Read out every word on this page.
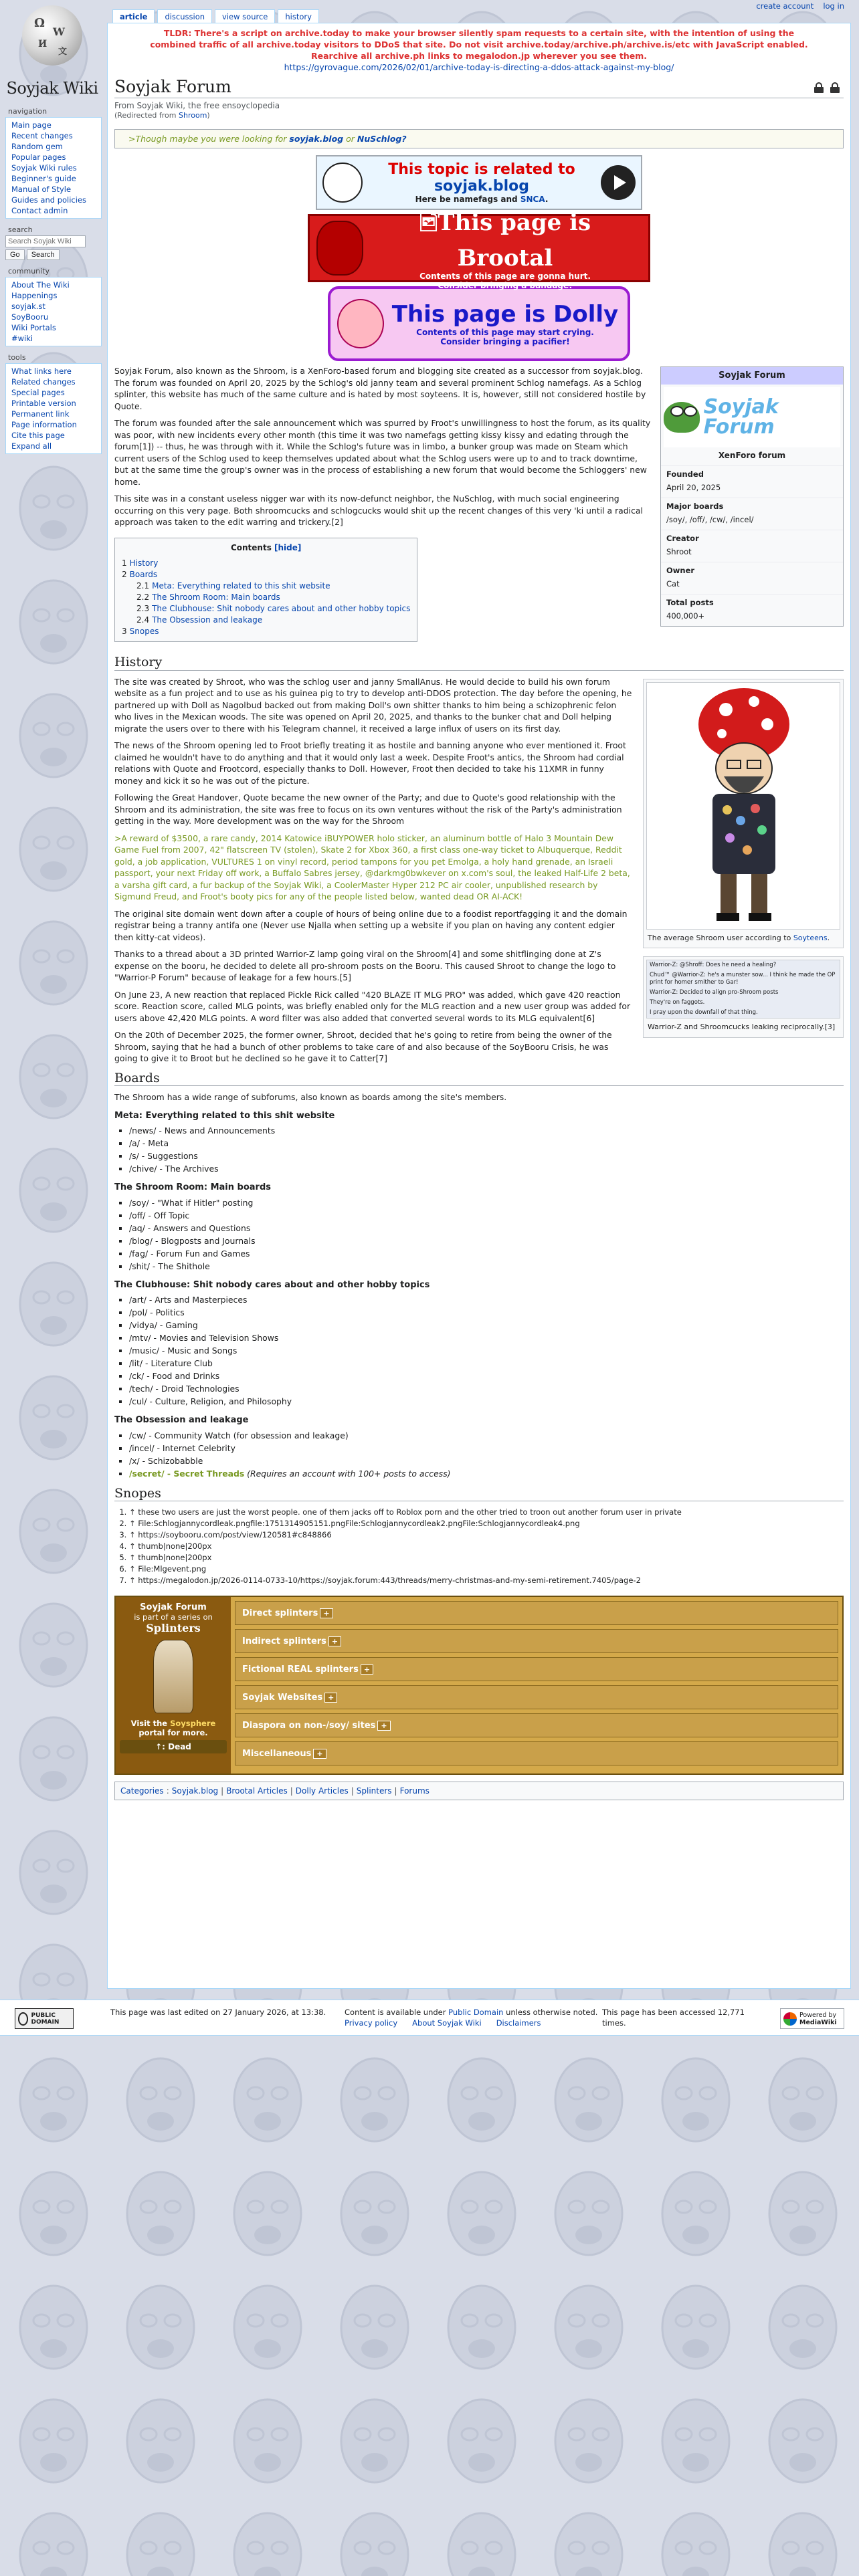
Ω
W
И
文
Soyjak Wiki
create account log in
article	discussion	view source	history
navigation
Main page
Recent changes
Random gem
Popular pages
Soyjak Wiki rules
Beginner's guide
Manual of Style
Guides and policies
Contact admin
search
Search Soyjak Wiki
Go	Search
community
About The Wiki
Happenings
soyjak.st
SoyBooru
Wiki Portals
#wiki
tools
What links here
Related changes
Special pages
Printable version
Permanent link
Page information
Cite this page
Expand all
TLDR: There's a script on archive.today to make your browser silently spam requests to a certain site, with the intention of using the combined traffic of all archive.today visitors to DDoS that site. Do not visit archive.today/archive.ph/archive.is/etc with JavaScript enabled. Rearchive all archive.ph links to megalodon.jp wherever you see them.
https://gyrovague.com/2026/02/01/archive-today-is-directing-a-ddos-attack-against-my-blog/
Soyjak Forum
From Soyjak Wiki, the free ensoyclopedia
(Redirected from Shroom)
>Though maybe you were looking for soyjak.blog or NuSchlog?
This topic is related to soyjak.blog
Here be namefags and SNCA.
🖻This page is Brootal
Contents of this page are gonna hurt.
Consider bringing a bandage!
This page is Dolly
Contents of this page may start crying.
Consider bringing a pacifier!
Soyjak Forum
Soyjak Forum
XenForo forum
Founded
April 20, 2025
Major boards
/soy/, /off/, /cw/, /incel/
Creator
Shroot
Owner
Cat
Total posts
400,000+

Soyjak Forum, also known as the Shroom, is a XenForo-based forum and blogging site created as a successor from soyjak.blog. The forum was founded on April 20, 2025 by the Schlog's old janny team and several prominent Schlog namefags. As a Schlog splinter, this website has much of the same culture and is hated by most soyteens. It is, however, still not considered hostile by Quote.

The forum was founded after the sale announcement which was spurred by Froot's unwillingness to host the forum, as its quality was poor, with new incidents every other month (this time it was two namefags getting kissy kissy and edating through the forum[1]) -- thus, he was through with it. While the Schlog's future was in limbo, a bunker group was made on Steam which current users of the Schlog used to keep themselves updated about what the Schlog users were up to and to track downtime, but at the same time the group's owner was in the process of establishing a new forum that would become the Schloggers' new home.

This site was in a constant useless nigger war with its now-defunct neighbor, the NuSchlog, with much social engineering occurring on this very page. Both shroomcucks and schlogcucks would shit up the recent changes of this very 'ki until a radical approach was taken to the edit warring and trickery.[2]

Contents [hide]
1 History
2 Boards
2.1 Meta: Everything related to this shit website
2.2 The Shroom Room: Main boards
2.3 The Clubhouse: Shit nobody cares about and other hobby topics
2.4 The Obsession and leakage
3 Snopes
History
The average Shroom user according to Soyteens.
Warrior-Z: @Shroff: Does he need a healing?
Chud™ @Warrior-Z: he's a munster sow... I think he made the OP print for homer smither to Gar!
Warrior-Z: Decided to align pro-Shroom posts
They're on faggots.
I pray upon the downfall of that thing.
Warrior-Z and Shroomcucks leaking reciprocally.[3]

The site was created by Shroot, who was the schlog user and janny SmallAnus. He would decide to build his own forum website as a fun project and to use as his guinea pig to try to develop anti-DDOS protection. The day before the opening, he partnered up with Doll as Nagolbud backed out from making Doll's own shitter thanks to him being a schizophrenic felon who lives in the Mexican woods. The site was opened on April 20, 2025, and thanks to the bunker chat and Doll helping migrate the users over to there with his Telegram channel, it received a large influx of users on its first day.

The news of the Shroom opening led to Froot briefly treating it as hostile and banning anyone who ever mentioned it. Froot claimed he wouldn't have to do anything and that it would only last a week. Despite Froot's antics, the Shroom had cordial relations with Quote and Frootcord, especially thanks to Doll. However, Froot then decided to take his 11XMR in funny money and kick it so he was out of the picture.

Following the Great Handover, Quote became the new owner of the Party; and due to Quote's good relationship with the Shroom and its administration, the site was free to focus on its own ventures without the risk of the Party's administration getting in the way. More development was on the way for the Shroom

>A reward of $3500, a rare candy, 2014 Katowice iBUYPOWER holo sticker, an aluminum bottle of Halo 3 Mountain Dew Game Fuel from 2007, 42" flatscreen TV (stolen), Skate 2 for Xbox 360, a first class one-way ticket to Albuquerque, Reddit gold, a job application, VULTURES 1 on vinyl record, period tampons for you pet Emolga, a holy hand grenade, an Israeli passport, your next Friday off work, a Buffalo Sabres jersey, @darkmg0bwkever on x.com's soul, the leaked Half-Life 2 beta, a varsha gift card, a fur backup of the Soyjak Wiki, a CoolerMaster Hyper 212 PC air cooler, unpublished research by Sigmund Freud, and Froot's booty pics for any of the people listed below, wanted dead OR AI-ACK!

The original site domain went down after a couple of hours of being online due to a foodist reportfagging it and the domain registrar being a tranny antifa one (Never use Njalla when setting up a website if you plan on having any content edgier then kitty-cat videos).

Thanks to a thread about a 3D printed Warrior-Z lamp going viral on the Shroom[4] and some shitflinging done at Z's expense on the booru, he decided to delete all pro-shroom posts on the Booru. This caused Shroot to change the logo to "Warrior-P Forum" because of leakage for a few hours.[5]

On June 23, A new reaction that replaced Pickle Rick called "420 BLAZE IT MLG PRO" was added, which gave 420 reaction score. Reaction score, called MLG points, was briefly enabled only for the MLG reaction and a new user group was added for users above 42,420 MLG points. A word filter was also added that converted several words to its MLG equivalent[6]

On the 20th of December 2025, the former owner, Shroot, decided that he's going to retire from being the owner of the Shroom, saying that he had a bunch of other problems to take care of and also because of the SoyBooru Crisis, he was going to give it to Broot but he declined so he gave it to Catter[7]

Boards

The Shroom has a wide range of subforums, also known as boards among the site's members.

Meta: Everything related to this shit website
▪ /news/ - News and Announcements
▪ /a/ - Meta
▪ /s/ - Suggestions
▪ /chive/ - The Archives
The Shroom Room: Main boards
▪ /soy/ - "What if Hitler" posting
▪ /off/ - Off Topic
▪ /aq/ - Answers and Questions
▪ /blog/ - Blogposts and Journals
▪ /fag/ - Forum Fun and Games
▪ /shit/ - The Shithole
The Clubhouse: Shit nobody cares about and other hobby topics
▪ /art/ - Arts and Masterpieces
▪ /pol/ - Politics
▪ /vidya/ - Gaming
▪ /mtv/ - Movies and Television Shows
▪ /music/ - Music and Songs
▪ /lit/ - Literature Club
▪ /ck/ - Food and Drinks
▪ /tech/ - Droid Technologies
▪ /cul/ - Culture, Religion, and Philosophy
The Obsession and leakage
▪ /cw/ - Community Watch (for obsession and leakage)
▪ /incel/ - Internet Celebrity
▪ /x/ - Schizobabble
▪ /secret/ - Secret Threads (Requires an account with 100+ posts to access)
Snopes
1. ↑ these two users are just the worst people. one of them jacks off to Roblox porn and the other tried to troon out another forum user in private
2. ↑ File:Schlogjannycordleak.pngfile:1751314905151.pngFile:Schlogjannycordleak2.pngFile:Schlogjannycordleak4.png
3. ↑ https://soybooru.com/post/view/120581#c848866
4. ↑ thumb|none|200px
5. ↑ thumb|none|200px
6. ↑ File:Mlgevent.png
7. ↑ https://megalodon.jp/2026-0114-0733-10/https://soyjak.forum:443/threads/merry-christmas-and-my-semi-retirement.7405/page-2
Soyjak Forum
is part of a series on
Splinters
Visit the Soysphere portal for more.
↑: Dead
Direct splinters +
Indirect splinters +
Fictional REAL splinters +
Soyjak Websites +
Diaspora on non-/soy/ sites +
Miscellaneous +
Categories : Soyjak.blog | Brootal Articles | Dolly Articles | Splinters | Forums
PUBLIC DOMAIN
This page was last edited on 27 January 2026, at 13:38.	Content is available under Public Domain unless otherwise noted. This page has been accessed 12,771 times.
Privacy policy About Soyjak Wiki Disclaimers
Powered by
MediaWiki
